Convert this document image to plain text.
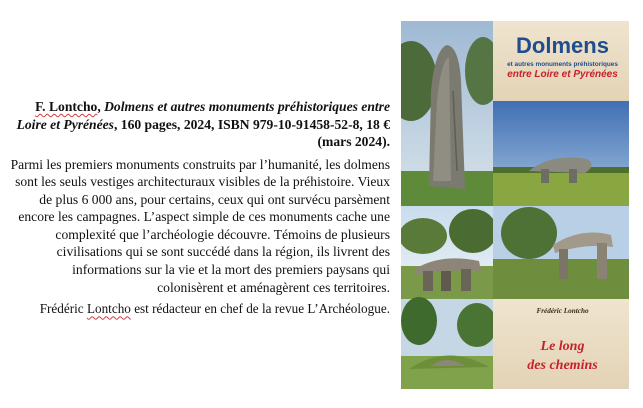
F. Lontcho, Dolmens et autres monuments préhistoriques entre Loire et Pyrénées, 160 pages, 2024, ISBN 979-10-91458-52-8, 18 € (mars 2024).

Parmi les premiers monuments construits par l’humanité, les dolmens sont les seuls vestiges architecturaux visibles de la préhistoire. Vieux de plus 6 000 ans, pour certains, ceux qui ont survécu parsèment encore les campagnes. L’aspect simple de ces monuments cache une complexité que l’archéologie découvre. Témoins de plusieurs civilisations qui se sont succédé dans la région, ils livrent des informations sur la vie et la mort des premiers paysans qui colonisèrent et aménagèrent ces territoires.

Frédéric Lontcho est rédacteur en chef de la revue L’Archéologue.

Dolmens
et autres monuments préhistoriques
entre Loire et Pyrénées
Frédéric Lontcho
Le long
des chemins
